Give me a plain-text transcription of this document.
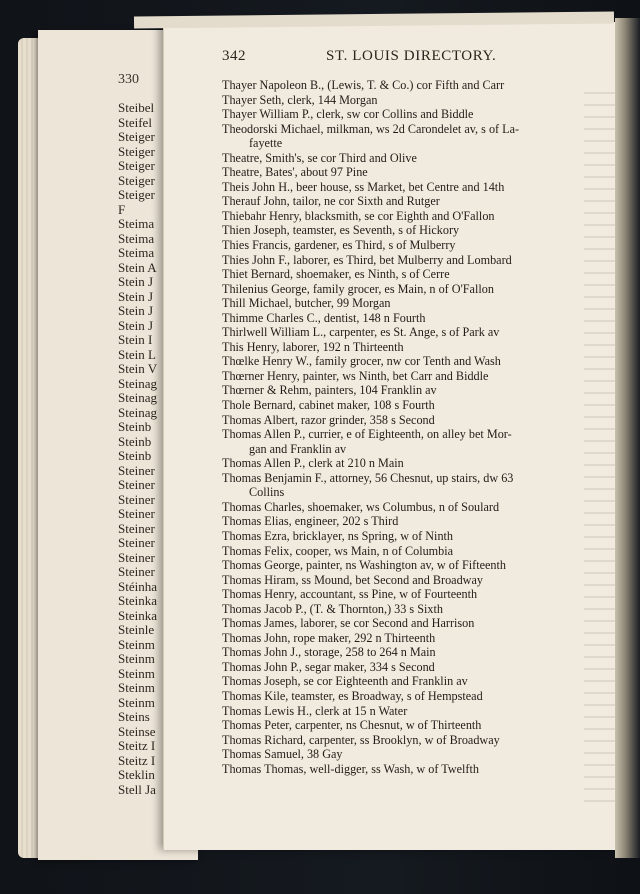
330
Steibel
Steifel
Steiger
Steiger
Steiger
Steiger
Steiger
F
Steima
Steima
Steima
Stein A
Stein J
Stein J
Stein J
Stein J
Stein I
Stein L
Stein V
Steinag
Steinag
Steinag
Steinb
Steinb
Steinb
Steiner
Steiner
Steiner
Steiner
Steiner
Steiner
Steiner
Steiner
Stéinha
Steinka
Steinka
Steinle
Steinm
Steinm
Steinm
Steinm
Steinm
Steins
Steinse
Steitz I
Steitz I
Steklin
Stell Ja
342	ST. LOUIS DIRECTORY.
Thayer Napoleon B., (Lewis, T. & Co.) cor Fifth and Carr
Thayer Seth, clerk, 144 Morgan
Thayer William P., clerk, sw cor Collins and Biddle
Theodorski Michael, milkman, ws 2d Carondelet av, s of La-
fayette
Theatre, Smith's, se cor Third and Olive
Theatre, Bates', about 97 Pine
Theis John H., beer house, ss Market, bet Centre and 14th
Therauf John, tailor, ne cor Sixth and Rutger
Thiebahr Henry, blacksmith, se cor Eighth and O'Fallon
Thien Joseph, teamster, es Seventh, s of Hickory
Thies Francis, gardener, es Third, s of Mulberry
Thies John F., laborer, es Third, bet Mulberry and Lombard
Thiet Bernard, shoemaker, es Ninth, s of Cerre
Thilenius George, family grocer, es Main, n of O'Fallon
Thill Michael, butcher, 99 Morgan
Thimme Charles C., dentist, 148 n Fourth
Thirlwell William L., carpenter, es St. Ange, s of Park av
This Henry, laborer, 192 n Thirteenth
Thœlke Henry W., family grocer, nw cor Tenth and Wash
Thœrner Henry, painter, ws Ninth, bet Carr and Biddle
Thœrner & Rehm, painters, 104 Franklin av
Thole Bernard, cabinet maker, 108 s Fourth
Thomas Albert, razor grinder, 358 s Second
Thomas Allen P., currier, e of Eighteenth, on alley bet Mor-
gan and Franklin av
Thomas Allen P., clerk at 210 n Main
Thomas Benjamin F., attorney, 56 Chesnut, up stairs, dw 63
Collins
Thomas Charles, shoemaker, ws Columbus, n of Soulard
Thomas Elias, engineer, 202 s Third
Thomas Ezra, bricklayer, ns Spring, w of Ninth
Thomas Felix, cooper, ws Main, n of Columbia
Thomas George, painter, ns Washington av, w of Fifteenth
Thomas Hiram, ss Mound, bet Second and Broadway
Thomas Henry, accountant, ss Pine, w of Fourteenth
Thomas Jacob P., (T. & Thornton,) 33 s Sixth
Thomas James, laborer, se cor Second and Harrison
Thomas John, rope maker, 292 n Thirteenth
Thomas John J., storage, 258 to 264 n Main
Thomas John P., segar maker, 334 s Second
Thomas Joseph, se cor Eighteenth and Franklin av
Thomas Kile, teamster, es Broadway, s of Hempstead
Thomas Lewis H., clerk at 15 n Water
Thomas Peter, carpenter, ns Chesnut, w of Thirteenth
Thomas Richard, carpenter, ss Brooklyn, w of Broadway
Thomas Samuel, 38 Gay
Thomas Thomas, well-digger, ss Wash, w of Twelfth
